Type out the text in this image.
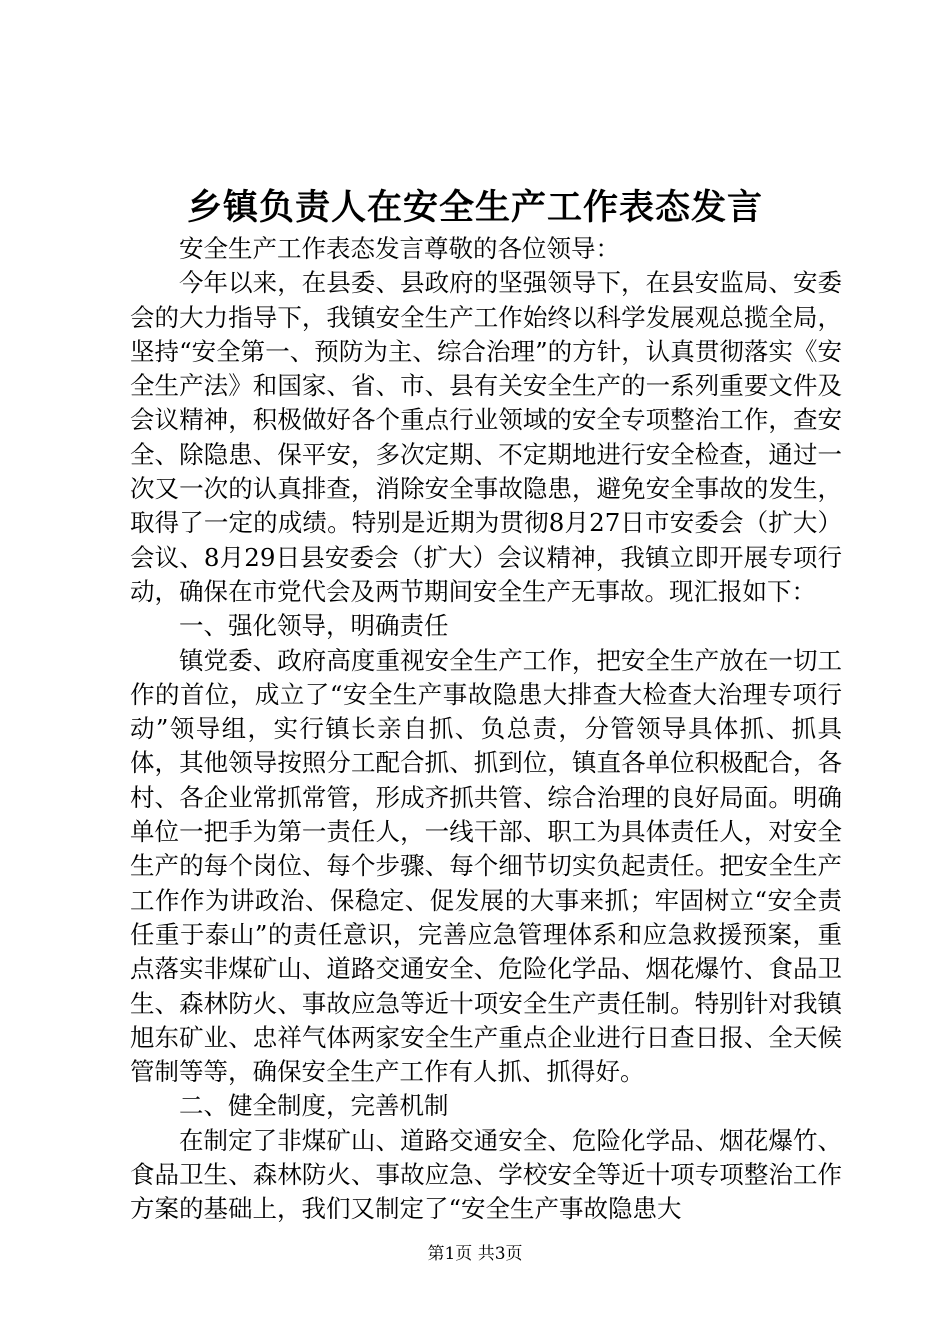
乡镇负责人在安全生产工作表态发言

安全生产工作表态发言尊敬的各位领导：

今年以来，在县委、县政府的坚强领导下，在县安监局、安委会的大力指导下，我镇安全生产工作始终以科学发展观总揽全局，坚持“安全第一、预防为主、综合治理”的方针，认真贯彻落实《安全生产法》和国家、省、市、县有关安全生产的一系列重要文件及会议精神，积极做好各个重点行业领域的安全专项整治工作，查安全、除隐患、保平安，多次定期、不定期地进行安全检查，通过一次又一次的认真排查，消除安全事故隐患，避免安全事故的发生，取得了一定的成绩。特别是近期为贯彻8月27日市安委会（扩大）会议、8月29日县安委会（扩大）会议精神，我镇立即开展专项行动，确保在市党代会及两节期间安全生产无事故。现汇报如下：

一、强化领导，明确责任

镇党委、政府高度重视安全生产工作，把安全生产放在一切工作的首位，成立了“安全生产事故隐患大排查大检查大治理专项行动”领导组，实行镇长亲自抓、负总责，分管领导具体抓、抓具体，其他领导按照分工配合抓、抓到位，镇直各单位积极配合，各村、各企业常抓常管，形成齐抓共管、综合治理的良好局面。明确单位一把手为第一责任人，一线干部、职工为具体责任人，对安全生产的每个岗位、每个步骤、每个细节切实负起责任。把安全生产工作作为讲政治、保稳定、促发展的大事来抓；牢固树立“安全责任重于泰山”的责任意识，完善应急管理体系和应急救援预案，重点落实非煤矿山、道路交通安全、危险化学品、烟花爆竹、食品卫生、森林防火、事故应急等近十项安全生产责任制。特别针对我镇旭东矿业、忠祥气体两家安全生产重点企业进行日查日报、全天候管制等等，确保安全生产工作有人抓、抓得好。

二、健全制度，完善机制

在制定了非煤矿山、道路交通安全、危险化学品、烟花爆竹、食品卫生、森林防火、事故应急、学校安全等近十项专项整治工作方案的基础上，我们又制定了“安全生产事故隐患大

第1页 共3页
